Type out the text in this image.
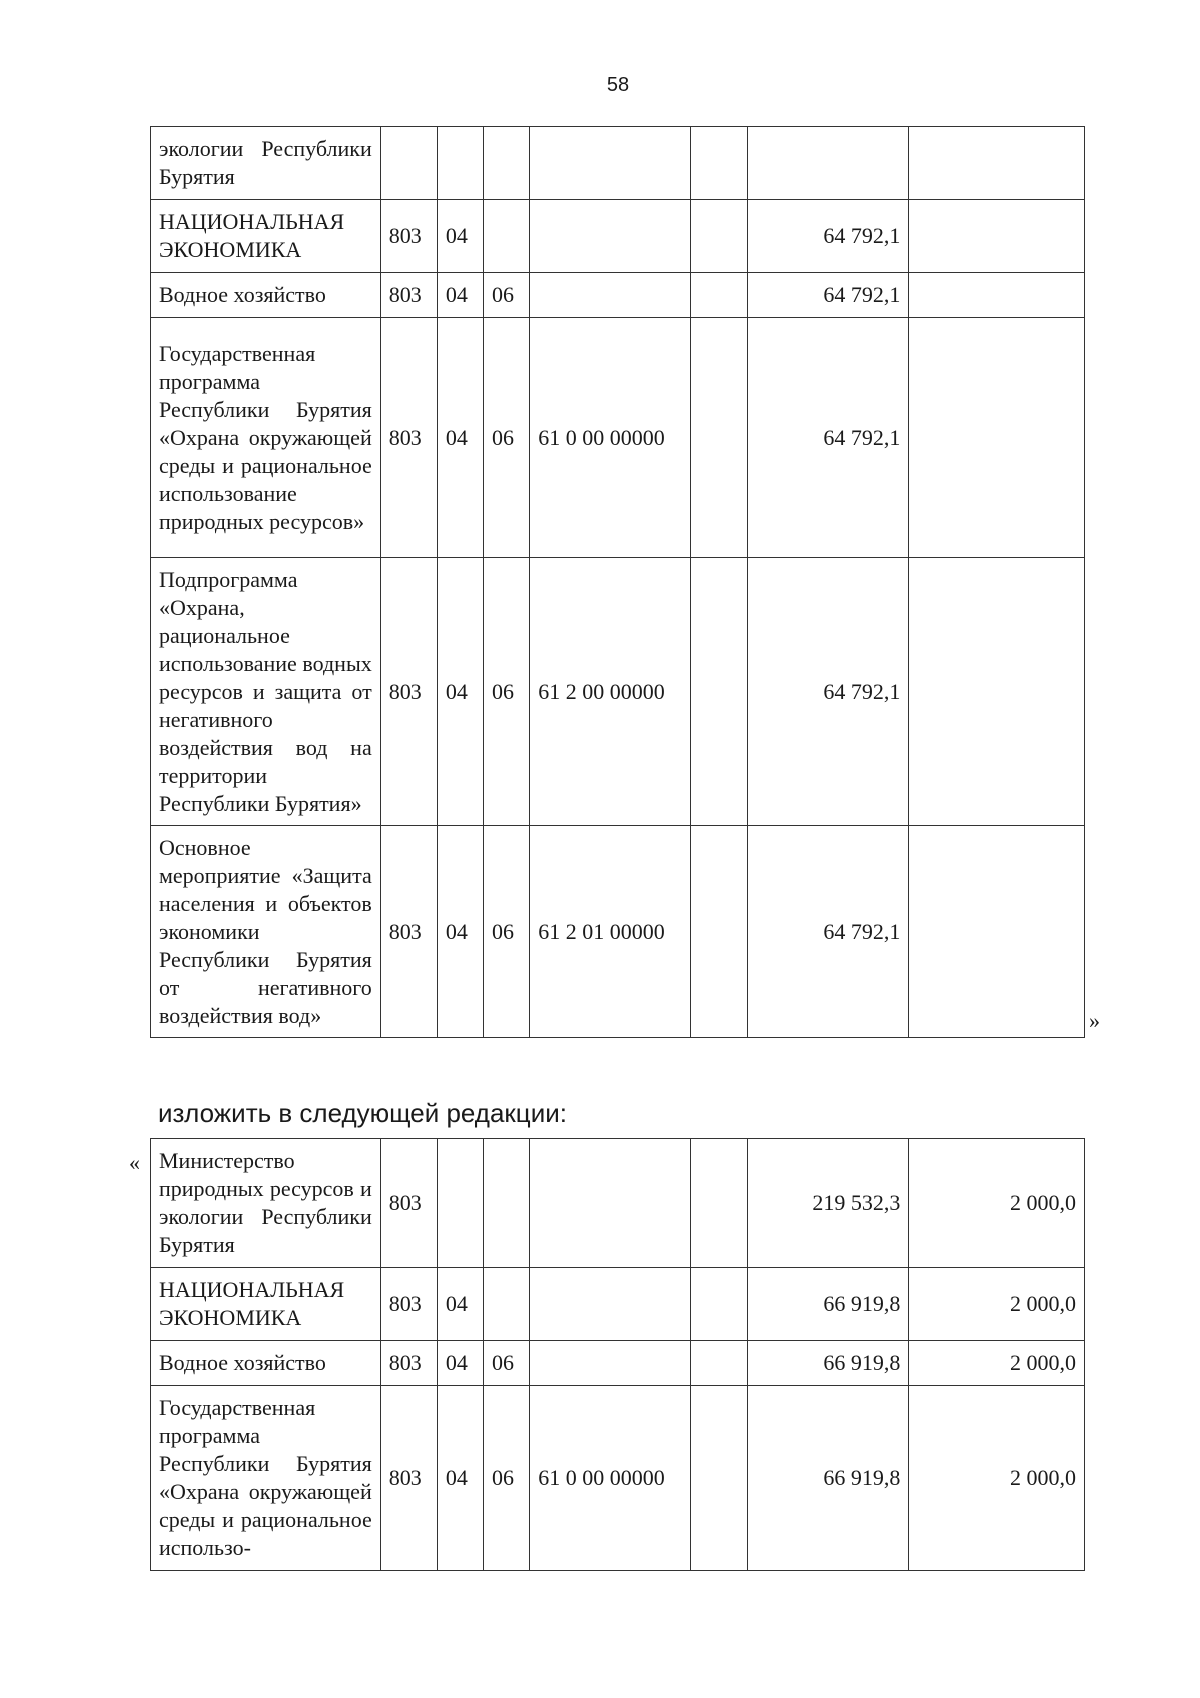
58
экологии Республики Бурятия							
НАЦИОНАЛЬНАЯ ЭКОНОМИКА	803	04				64 792,1	
Водное хозяйство	803	04	06			64 792,1	
Государственная программа Республики Бурятия «Охрана окружающей среды и рациональное использование природных ресурсов»	803	04	06	61 0 00 00000		64 792,1	
Подпрограмма «Охрана, рациональное использование водных ресурсов и защита от негативного воздействия вод на территории Республики Бурятия»	803	04	06	61 2 00 00000		64 792,1	
Основное мероприятие «Защита населения и объектов экономики Республики Бурятия от негативного воздействия вод»	803	04	06	61 2 01 00000		64 792,1	
»
изложить в следующей редакции:
« Министерство природных ресурсов и экологии Республики Бурятия	803					219 532,3	2 000,0
НАЦИОНАЛЬНАЯ ЭКОНОМИКА	803	04				66 919,8	2 000,0
Водное хозяйство	803	04	06			66 919,8	2 000,0
Государственная программа Республики Бурятия «Охрана окружающей среды и рациональное использо-	803	04	06	61 0 00 00000		66 919,8	2 000,0
